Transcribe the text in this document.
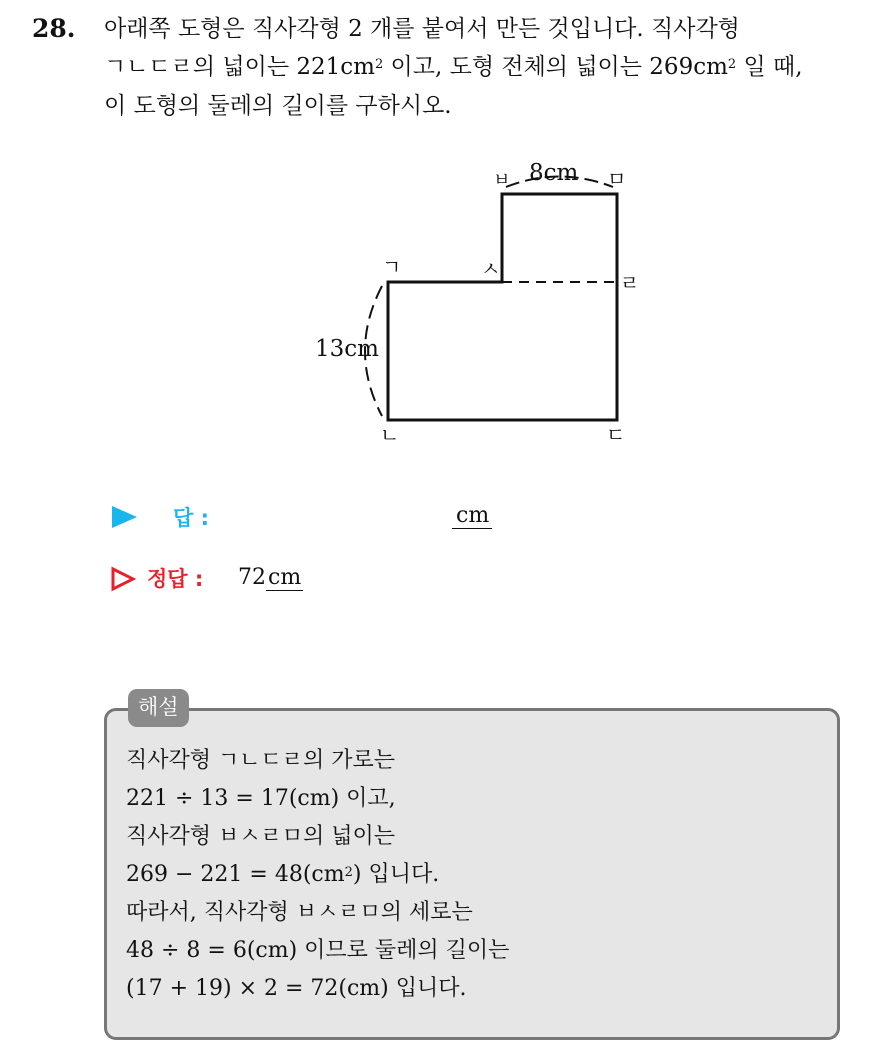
28. 아래쪽 도형은 직사각형 2 개를 붙여서 만든 것입니다. 직사각형
ㄱㄴㄷㄹ의 넓이는 $221cm^2$ 이고, 도형 전체의 넓이는 $269cm^2$ 일 때,
이 도형의 둘레의 길이를 구하시오.
ㄱ	ㅅ
ㅂ	ㅁ
ㄹ
ㄴ	ㄷ
8cm
13cm
답 :	cm
정답 : 72cm
해설
직사각형 ㄱㄴㄷㄹ의 가로는
221 ÷ 13 = 17(cm) 이고,
직사각형 ㅂㅅㄹㅁ의 넓이는
$269 - 221 = 48(cm^2)$ 입니다.
따라서, 직사각형 ㅂㅅㄹㅁ의 세로는
48 ÷ 8 = 6(cm) 이므로 둘레의 길이는
(17 + 19) × 2 = 72(cm) 입니다.
